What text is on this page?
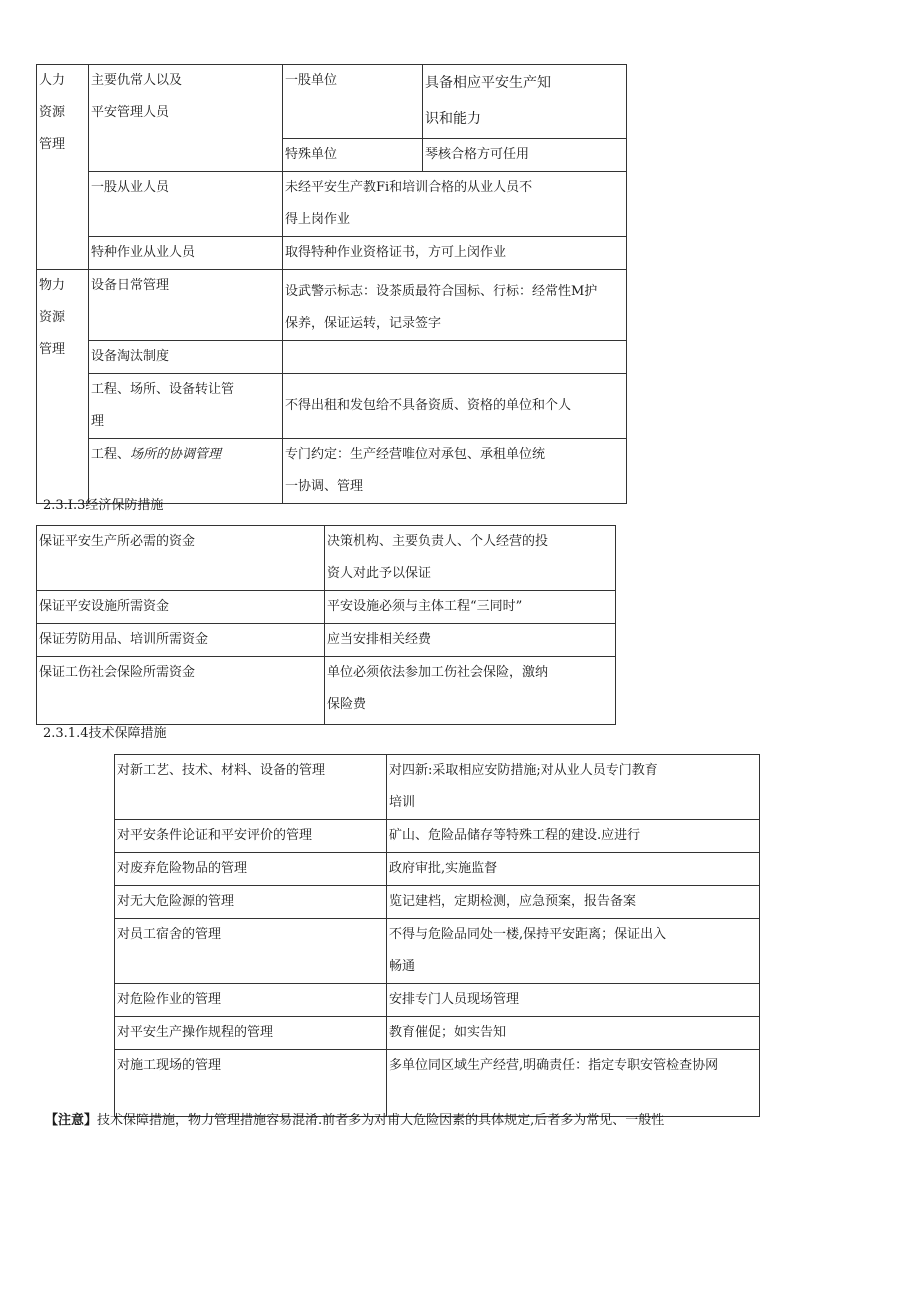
人力
资源
管理	主要仇常人以及
平安管理人员	一股单位	具备相应平安生产知
识和能力

		特殊单位	琴核合格方可任用
	一股从业人员	未经平安生产教Fi和培训合格的从业人员不
得上岗作业	

	特种作业从业人员	取得特种作业资格证书，方可上闵作业	

物力
资源
管理	设备日常管理	设武警示标志：设茶质最符合国标、行标：经常性M护
保养，保证运转，记录签字	

	设备淘汰制度		

	工程、场所、设备转让管
理	不得出租和发包给不具备资质、资格的单位和个人	
	工程、场所的协调管理	专门约定：生产经营唯位对承包、承租单位统
一协调、管理	
2.3.I.3经济保防措施
保证平安生产所必需的资金	决策机构、主要负责人、个人经营的投
资人对此予以保证

保证平安设施所需资金	平安设施必须与主体工程“三同时”
保证劳防用品、培训所需资金	应当安排相关经费
保证工伤社会保险所需资金	单位必须依法参加工伤社会保险，激纳
保险费
2.3.1.4技术保障措施
对新工艺、技术、材料、设备的管理	对四新:采取相应安防措施;对从业人员专门教育
培训

对平安条件论证和平安评价的管理	矿山、危险品储存等特殊工程的建设.应进行
对废弃危险物品的管理	政府审批,实施监督
对无大危险源的管理	览记建档，定期检测，应急预案，报告备案
对员工宿舍的管理	不得与危险品同处一楼,保持平安距离；保证出入
畅通

对危险作业的管理	安排专门人员现场管理
对平安生产操作规程的管理	教育催促；如实告知
对施工现场的管理	多单位同区域生产经营,明确责任：指定专职安管检查协网
【注意】技术保障措施，物力管理措施容易混淆.前者多为对甫大危险因素的具体规定,后者多为常见、一般性
